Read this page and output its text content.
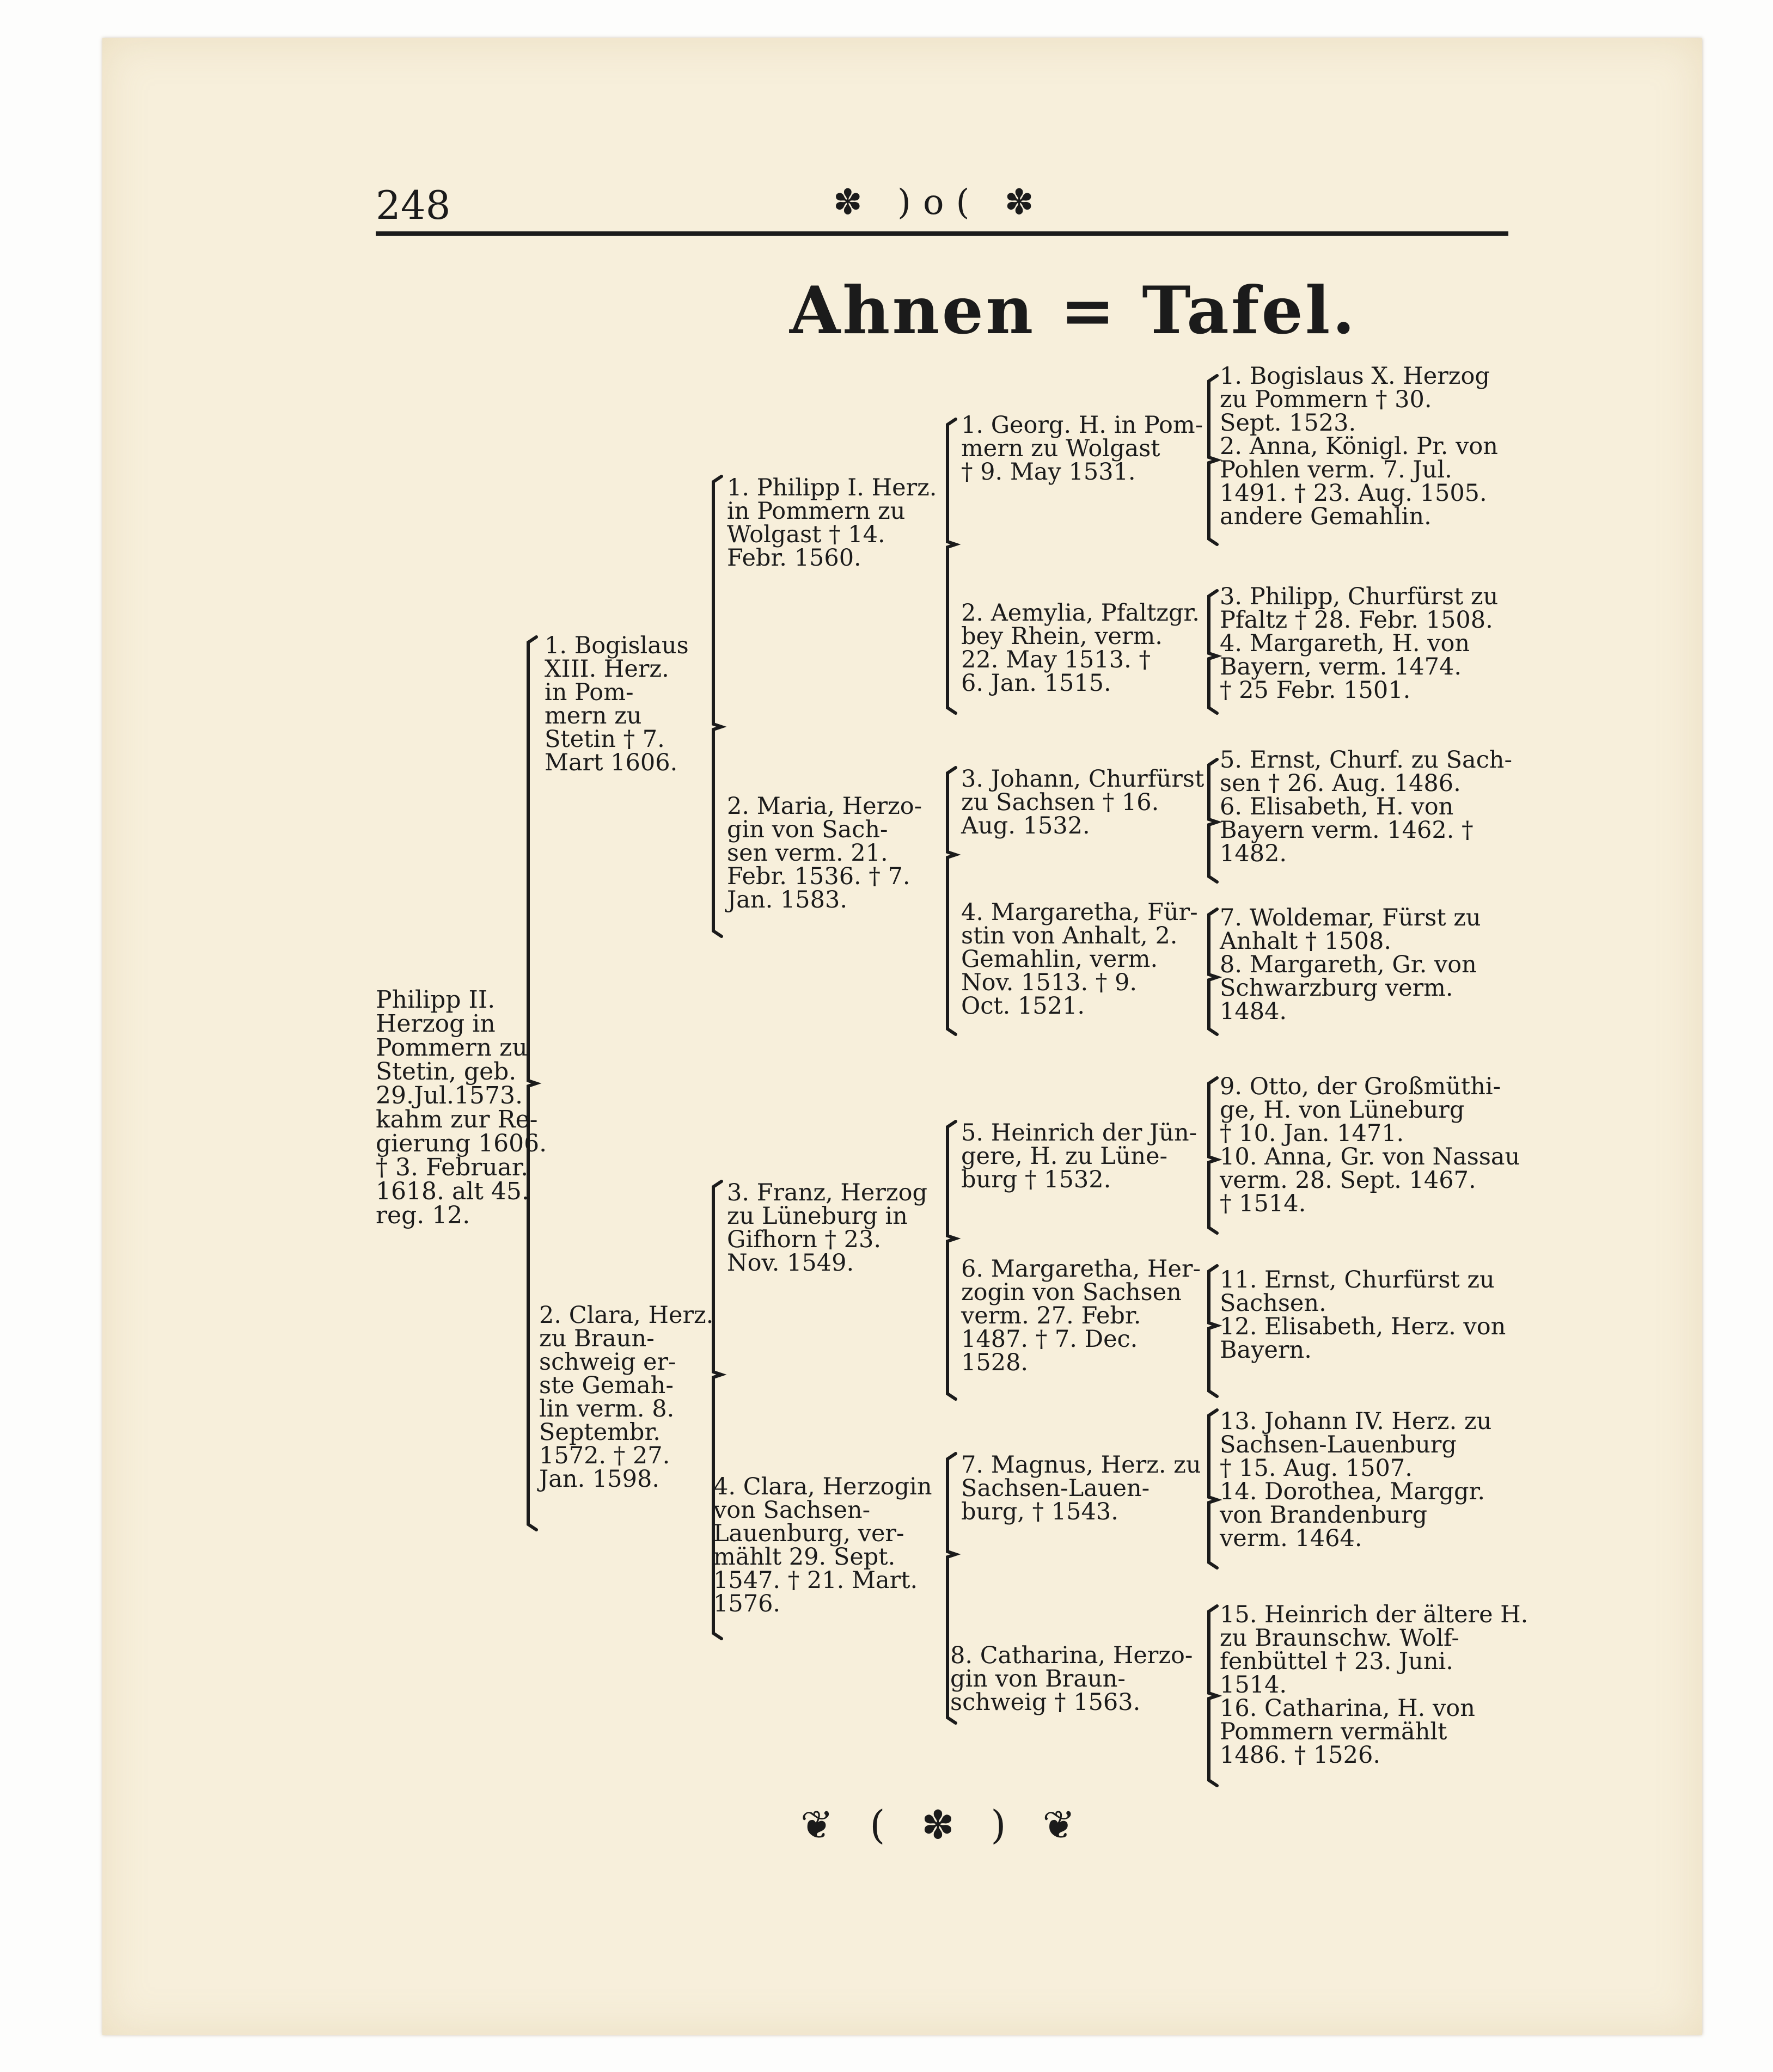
248	✽ )o( ✽
Ahnen = Tafel.
Philipp II.
Herzog in
Pommern zu
Stetin, geb.
29.Jul.1573.
kahm zur Re-
gierung 1606.
† 3. Februar.
1618. alt 45.
reg. 12.
1. Bogislaus
XIII. Herz.
in Pom-
mern zu
Stetin † 7.
Mart 1606.
2. Clara, Herz.
zu Braun-
schweig er-
ste Gemah-
lin verm. 8.
Septembr.
1572. † 27.
Jan. 1598.
1. Philipp I. Herz.
in Pommern zu
Wolgast † 14.
Febr. 1560.
2. Maria, Herzo-
gin von Sach-
sen verm. 21.
Febr. 1536. † 7.
Jan. 1583.
3. Franz, Herzog
zu Lüneburg in
Gifhorn † 23.
Nov. 1549.
4. Clara, Herzogin
von Sachsen-
Lauenburg, ver-
mählt 29. Sept.
1547. † 21. Mart.
1576.
1. Georg. H. in Pom-
mern zu Wolgast
† 9. May 1531.
2. Aemylia, Pfaltzgr.
bey Rhein, verm.
22. May 1513. †
6. Jan. 1515.
3. Johann, Churfürst
zu Sachsen † 16.
Aug. 1532.
4. Margaretha, Für-
stin von Anhalt, 2.
Gemahlin, verm.
Nov. 1513. † 9.
Oct. 1521.
5. Heinrich der Jün-
gere, H. zu Lüne-
burg † 1532.
6. Margaretha, Her-
zogin von Sachsen
verm. 27. Febr.
1487. † 7. Dec.
1528.
7. Magnus, Herz. zu
Sachsen-Lauen-
burg, † 1543.
8. Catharina, Herzo-
gin von Braun-
schweig † 1563.
1. Bogislaus X. Herzog
zu Pommern † 30.
Sept. 1523.
2. Anna, Königl. Pr. von
Pohlen verm. 7. Jul.
1491. † 23. Aug. 1505.
andere Gemahlin.
3. Philipp, Churfürst zu
Pfaltz † 28. Febr. 1508.
4. Margareth, H. von
Bayern, verm. 1474.
† 25 Febr. 1501.
5. Ernst, Churf. zu Sach-
sen † 26. Aug. 1486.
6. Elisabeth, H. von
Bayern verm. 1462. †
1482.
7. Woldemar, Fürst zu
Anhalt † 1508.
8. Margareth, Gr. von
Schwarzburg verm.
1484.
9. Otto, der Großmüthi-
ge, H. von Lüneburg
† 10. Jan. 1471.
10. Anna, Gr. von Nassau
verm. 28. Sept. 1467.
† 1514.
11. Ernst, Churfürst zu
Sachsen.
12. Elisabeth, Herz. von
Bayern.
13. Johann IV. Herz. zu
Sachsen-Lauenburg
† 15. Aug. 1507.
14. Dorothea, Marggr.
von Brandenburg
verm. 1464.
15. Heinrich der ältere H.
zu Braunschw. Wolf-
fenbüttel † 23. Juni.
1514.
16. Catharina, H. von
Pommern vermählt
1486. † 1526.
❦ ( ✽ ) ❦
